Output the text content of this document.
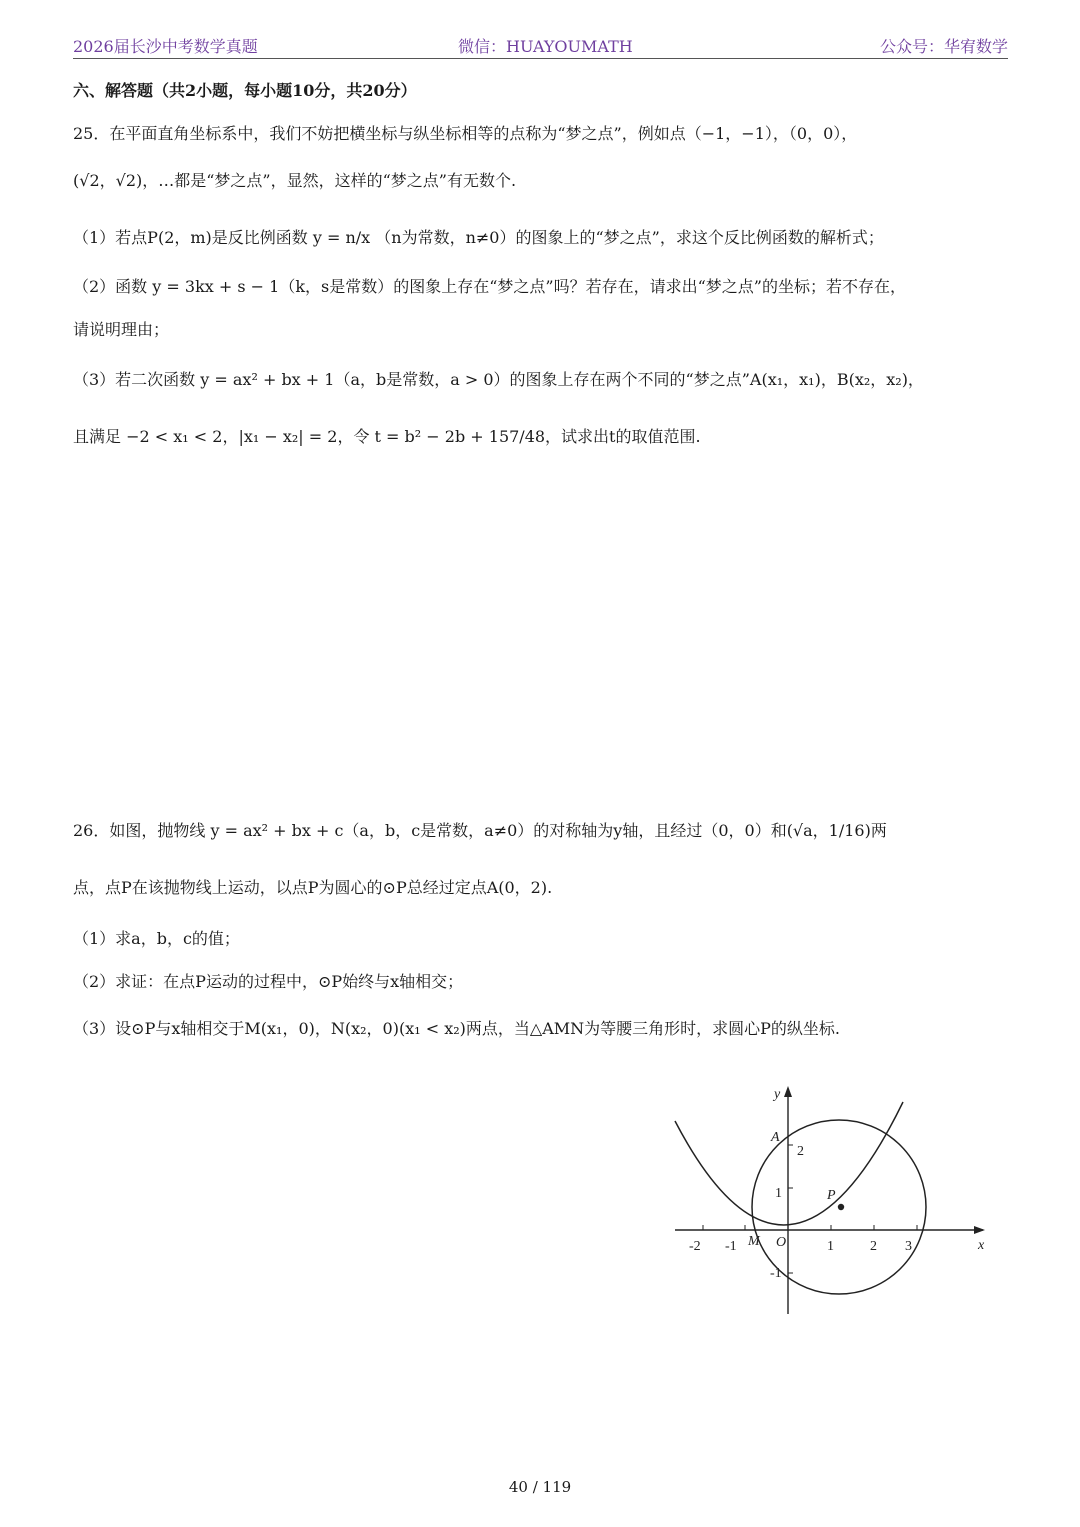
2026届长沙中考数学真题	微信：HUAYOUMATH	公众号：华宥数学
六、解答题（共2小题，每小题10分，共20分）
25．在平面直角坐标系中，我们不妨把横坐标与纵坐标相等的点称为“梦之点”，例如点（−1，−1），（0，0），
(√2，√2)，…都是“梦之点”，显然，这样的“梦之点”有无数个.
（1）若点P(2，m)是反比例函数 y = n/x （n为常数，n≠0）的图象上的“梦之点”，求这个反比例函数的解析式；
（2）函数 y = 3kx + s − 1（k，s是常数）的图象上存在“梦之点”吗？若存在，请求出“梦之点”的坐标；若不存在，
请说明理由；
（3）若二次函数 y = ax² + bx + 1（a，b是常数，a > 0）的图象上存在两个不同的“梦之点”A(x₁，x₁)，B(x₂，x₂)，
且满足 −2 < x₁ < 2，|x₁ − x₂| = 2，令 t = b² − 2b + 157/48，试求出t的取值范围.
26．如图，抛物线 y = ax² + bx + c（a，b，c是常数，a≠0）的对称轴为y轴，且经过（0，0）和(√a，1/16)两
点，点P在该抛物线上运动，以点P为圆心的⊙P总经过定点A(0，2).
（1）求a，b，c的值；
（2）求证：在点P运动的过程中，⊙P始终与x轴相交；
（3）设⊙P与x轴相交于M(x₁，0)，N(x₂，0)(x₁ < x₂)两点，当△AMN为等腰三角形时，求圆心P的纵坐标.
y
x
O
A
P
M
-2 -1	1	2 3
2
1
-1
40 / 119
